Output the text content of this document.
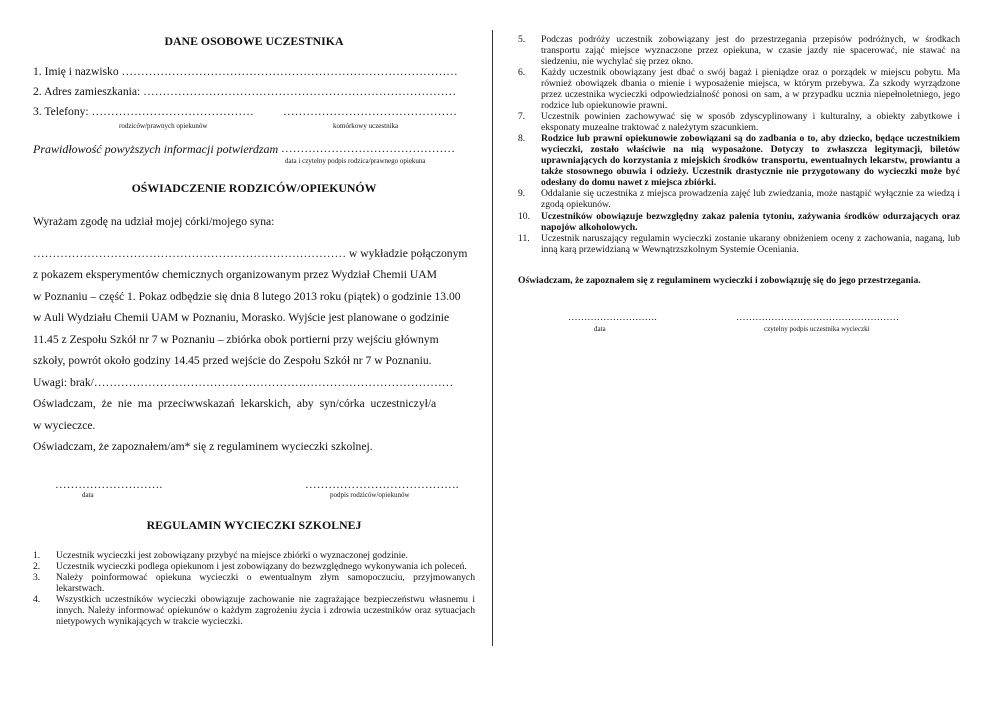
DANE OSOBOWE UCZESTNIKA
1. Imię i nazwisko ……………………………………………………………………………
2. Adres zamieszkania: ………………………………………………………………………
3. Telefony: ……………………………………	………………………………………
rodziców/prawnych opiekunów	komórkowy uczestnika
Prawidłowość powyższych informacji potwierdzam ………………………………………
data i czytelny podpis rodzica/prawnego opiekuna
OŚWIADCZENIE RODZICÓW/OPIEKUNÓW
Wyrażam zgodę na udział mojej córki/mojego syna:
……………………………………………………………………… w wykładzie połączonym
z pokazem eksperymentów chemicznych organizowanym przez Wydział Chemii UAM
w Poznaniu – część 1. Pokaz odbędzie się dnia 8 lutego 2013 roku (piątek) o godzinie 13.00
w Auli Wydziału Chemii UAM w Poznaniu, Morasko. Wyjście jest planowane o godzinie
11.45 z Zespołu Szkół nr 7 w Poznaniu – zbiórka obok portierni przy wejściu głównym
szkoły, powrót około godziny 14.45 przed wejście do Zespołu Szkół nr 7 w Poznaniu.
Uwagi: brak/…………………………………………………………………………………
Oświadczam, że nie ma przeciwwskazań lekarskich, aby syn/córka uczestniczył/a
w wycieczce.
Oświadczam, że zapoznałem/am* się z regulaminem wycieczki szkolnej.
……………………….
data
………………………………….
podpis rodziców/opiekunów
REGULAMIN WYCIECZKI SZKOLNEJ
1. Uczestnik wycieczki jest zobowiązany przybyć na miejsce zbiórki o wyznaczonej godzinie.
2. Uczestnik wycieczki podlega opiekunom i jest zobowiązany do bezwzględnego wykonywania ich poleceń.
3. Należy poinformować opiekuna wycieczki o ewentualnym złym samopoczuciu, przyjmowanych lekarstwach.
4. Wszystkich uczestników wycieczki obowiązuje zachowanie nie zagrażające bezpieczeństwu własnemu i innych. Należy informować opiekunów o każdym zagrożeniu życia i zdrowia uczestników oraz sytuacjach nietypowych wynikających w trakcie wycieczki.
5. Podczas podróży uczestnik zobowiązany jest do przestrzegania przepisów podróżnych, w środkach transportu zająć miejsce wyznaczone przez opiekuna, w czasie jazdy nie spacerować, nie stawać na siedzeniu, nie wychylać się przez okno.
6. Każdy uczestnik obowiązany jest dbać o swój bagaż i pieniądze oraz o porządek w miejscu pobytu. Ma również obowiązek dbania o mienie i wyposażenie miejsca, w którym przebywa. Za szkody wyrządzone przez uczestnika wycieczki odpowiedzialność ponosi on sam, a w przypadku ucznia niepełnoletniego, jego rodzice lub opiekunowie prawni.
7. Uczestnik powinien zachowywać się w sposób zdyscyplinowany i kulturalny, a obiekty zabytkowe i eksponaty muzealne traktować z należytym szacunkiem.
8. Rodzice lub prawni opiekunowie zobowiązani są do zadbania o to, aby dziecko, będące uczestnikiem wycieczki, zostało właściwie na nią wyposażone. Dotyczy to zwłaszcza legitymacji, biletów uprawniających do korzystania z miejskich środków transportu, ewentualnych lekarstw, prowiantu a także stosownego obuwia i odzieży. Uczestnik drastycznie nie przygotowany do wycieczki może być odesłany do domu nawet z miejsca zbiórki.
9. Oddalanie się uczestnika z miejsca prowadzenia zajęć lub zwiedzania, może nastąpić wyłącznie za wiedzą i zgodą opiekunów.
10. Uczestników obowiązuje bezwzględny zakaz palenia tytoniu, zażywania środków odurzających oraz napojów alkoholowych.
11. Uczestnik naruszający regulamin wycieczki zostanie ukarany obniżeniem oceny z zachowania, naganą, lub inną karą przewidzianą w Wewnątrzszkolnym Systemie Oceniania.
Oświadczam, że zapoznałem się z regulaminem wycieczki i zobowiązuję się do jego przestrzegania.
……………………….
data
……………………………………………
czytelny podpis uczestnika wycieczki
